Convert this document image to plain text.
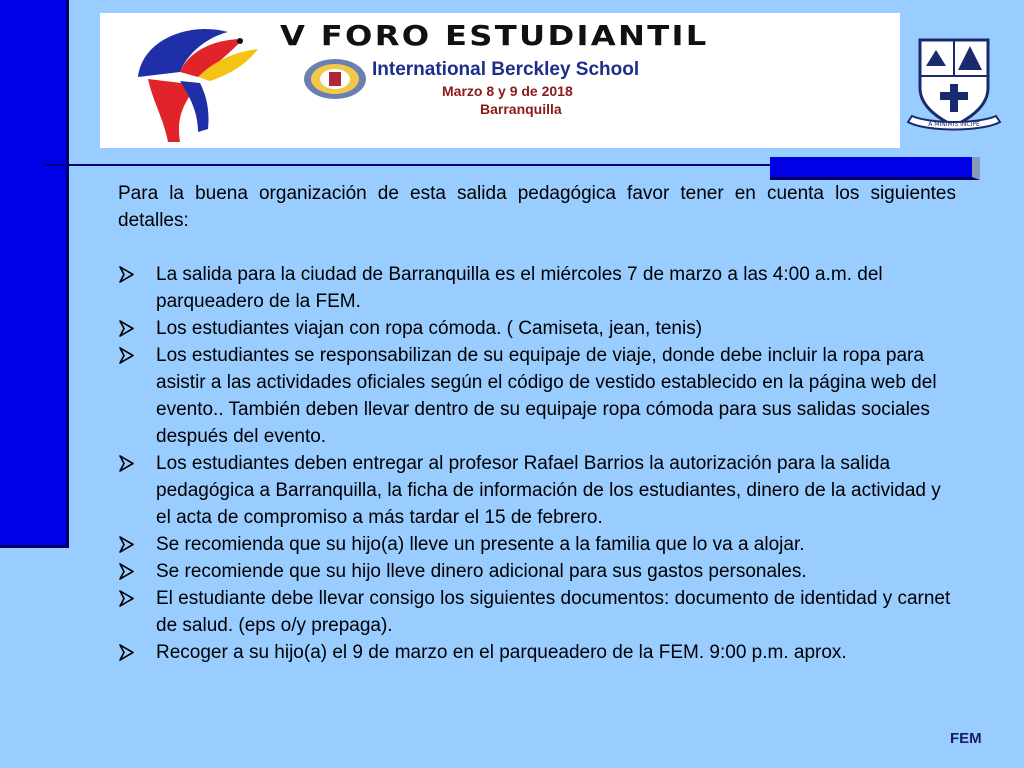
V FORO ESTUDIANTIL
International Berckley School
Marzo 8 y 9 de 2018
Barranquilla
A MINIMIS INCIPE

Para la buena organización de esta salida pedagógica favor tener en cuenta los siguientes detalles:

La salida para la ciudad de Barranquilla es el miércoles 7 de marzo a las 4:00 a.m. del parqueadero de la FEM.
Los estudiantes viajan con ropa cómoda. ( Camiseta, jean, tenis)
Los estudiantes se responsabilizan de su equipaje de viaje, donde debe incluir la ropa para asistir a las actividades oficiales según el código de vestido establecido en la página web del evento.. También deben llevar dentro de su equipaje ropa cómoda para sus salidas sociales después del evento.
Los estudiantes deben entregar al profesor Rafael Barrios la autorización para la salida pedagógica a Barranquilla, la ficha de información de los estudiantes, dinero de la actividad y el acta de compromiso a más tardar el 15 de febrero.
Se recomienda que su hijo(a) lleve un presente a la familia que lo va a alojar.
Se recomiende que su hijo lleve dinero adicional para sus gastos personales.
El estudiante debe llevar consigo los siguientes documentos: documento de identidad y carnet de salud. (eps o/y prepaga).
Recoger a su hijo(a) el 9 de marzo en el parqueadero de la FEM. 9:00 p.m. aprox.
FEM
